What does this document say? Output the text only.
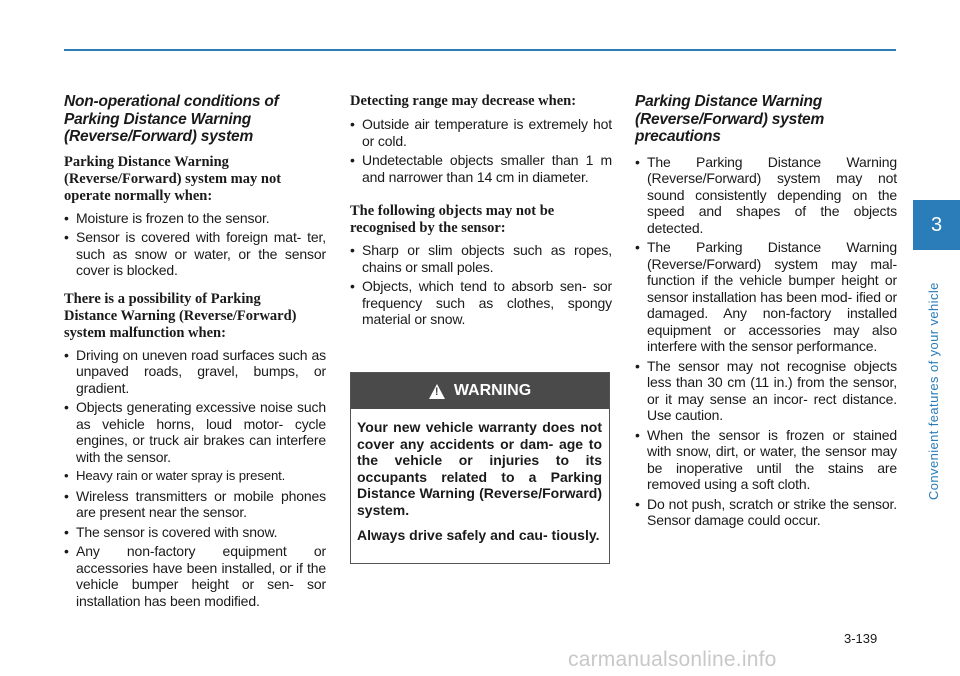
Non-operational conditions of
Parking Distance Warning
(Reverse/Forward) system
Parking Distance Warning
(Reverse/Forward) system may not
operate normally when:
• Moisture is frozen to the sensor.
• Sensor is covered with foreign mat- ter, such as snow or water, or the sensor cover is blocked.
There is a possibility of Parking
Distance Warning (Reverse/Forward)
system malfunction when:
• Driving on uneven road surfaces such as unpaved roads, gravel, bumps, or gradient.
• Objects generating excessive noise such as vehicle horns, loud motor- cycle engines, or truck air brakes can interfere with the sensor.
• Heavy rain or water spray is present.
• Wireless transmitters or mobile phones are present near the sensor.
• The sensor is covered with snow.
• Any non-factory equipment or accessories have been installed, or if the vehicle bumper height or sen- sor installation has been modified.
Detecting range may decrease when:
• Outside air temperature is extremely hot or cold.
• Undetectable objects smaller than 1 m and narrower than 14 cm in diameter.
The following objects may not be
recognised by the sensor:
• Sharp or slim objects such as ropes, chains or small poles.
• Objects, which tend to absorb sen- sor frequency such as clothes, spongy material or snow.
! WARNING

Your new vehicle warranty does not cover any accidents or dam- age to the vehicle or injuries to its occupants related to a Parking Distance Warning (Reverse/Forward) system.

Always drive safely and cau- tiously.

Parking Distance Warning
(Reverse/Forward) system
precautions
• The Parking Distance Warning (Reverse/Forward) system may not sound consistently depending on the speed and shapes of the objects detected.
• The Parking Distance Warning (Reverse/Forward) system may mal- function if the vehicle bumper height or sensor installation has been mod- ified or damaged. Any non-factory installed equipment or accessories may also interfere with the sensor performance.
• The sensor may not recognise objects less than 30 cm (11 in.) from the sensor, or it may sense an incor- rect distance. Use caution.
• When the sensor is frozen or stained with snow, dirt, or water, the sensor may be inoperative until the stains are removed using a soft cloth.
• Do not push, scratch or strike the sensor. Sensor damage could occur.
3
Convenient features of your vehicle
3-139
carmanualsonline.info
